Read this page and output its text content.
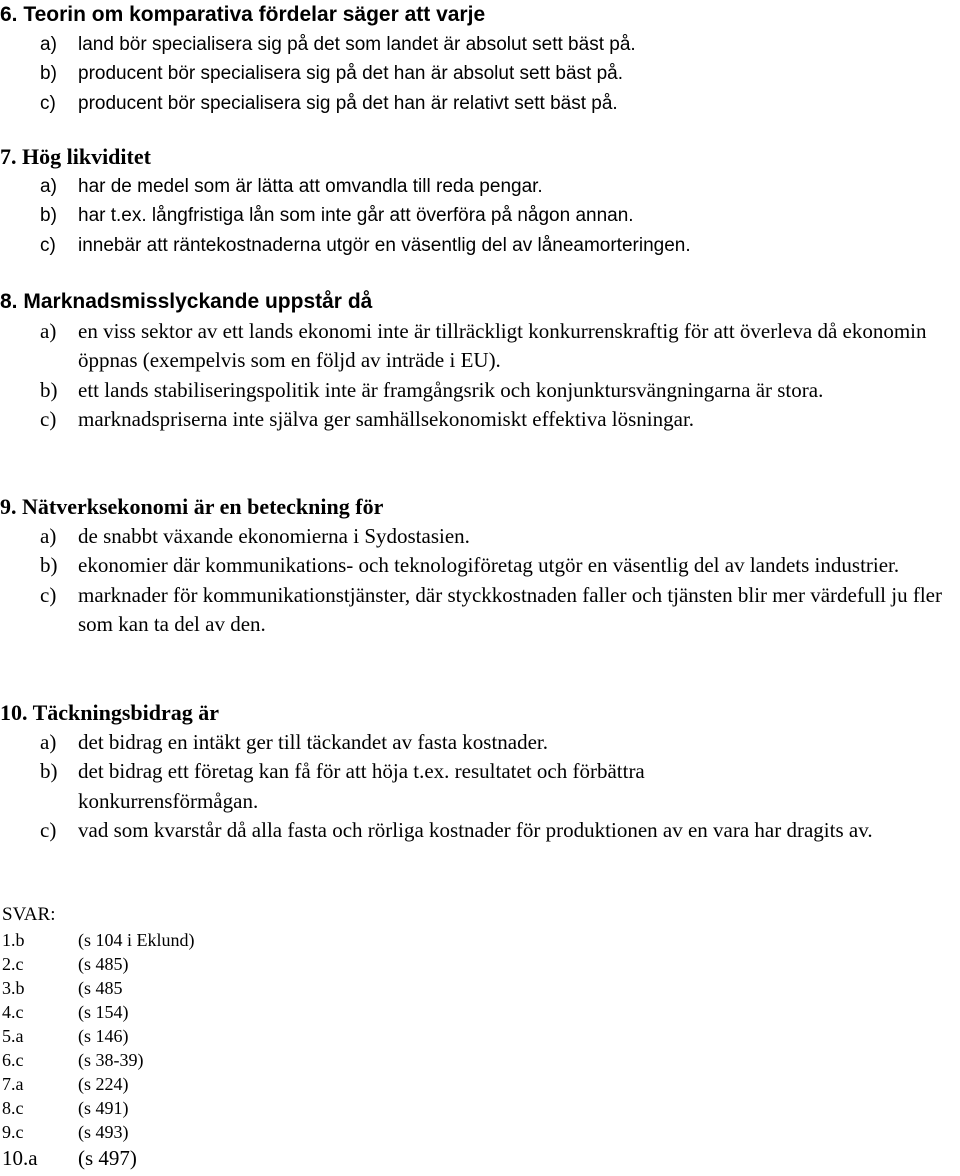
6. Teorin om komparativa fördelar säger att varje
a) land bör specialisera sig på det som landet är absolut sett bäst på.
b) producent bör specialisera sig på det han är absolut sett bäst på.
c) producent bör specialisera sig på det han är relativt sett bäst på.
7. Hög likviditet
a) har de medel som är lätta att omvandla till reda pengar.
b) har t.ex. långfristiga lån som inte går att överföra på någon annan.
c) innebär att räntekostnaderna utgör en väsentlig del av låneamorteringen.
8. Marknadsmisslyckande uppstår då
a) en viss sektor av ett lands ekonomi inte är tillräckligt konkurrenskraftig för att överleva då ekonomin öppnas (exempelvis som en följd av inträde i EU).
b) ett lands stabiliseringspolitik inte är framgångsrik och konjunktursvängningarna är stora.
c) marknadspriserna inte själva ger samhällsekonomiskt effektiva lösningar.
9. Nätverksekonomi är en beteckning för
a) de snabbt växande ekonomierna i Sydostasien.
b) ekonomier där kommunikations- och teknologiföretag utgör en väsentlig del av landets industrier.
c) marknader för kommunikationstjänster, där styckkostnaden faller och tjänsten blir mer värdefull ju fler som kan ta del av den.
10. Täckningsbidrag är
a) det bidrag en intäkt ger till täckandet av fasta kostnader.
b) det bidrag ett företag kan få för att höja t.ex. resultatet och förbättra konkurrensförmågan.
c) vad som kvarstår då alla fasta och rörliga kostnader för produktionen av en vara har dragits av.
SVAR:
1.b	(s 104 i Eklund)
2.c	(s 485)
3.b	(s 485
4.c	(s 154)
5.a	(s 146)
6.c	(s 38-39)
7.a	(s 224)
8.c	(s 491)
9.c	(s 493)
10.a (s 497)
